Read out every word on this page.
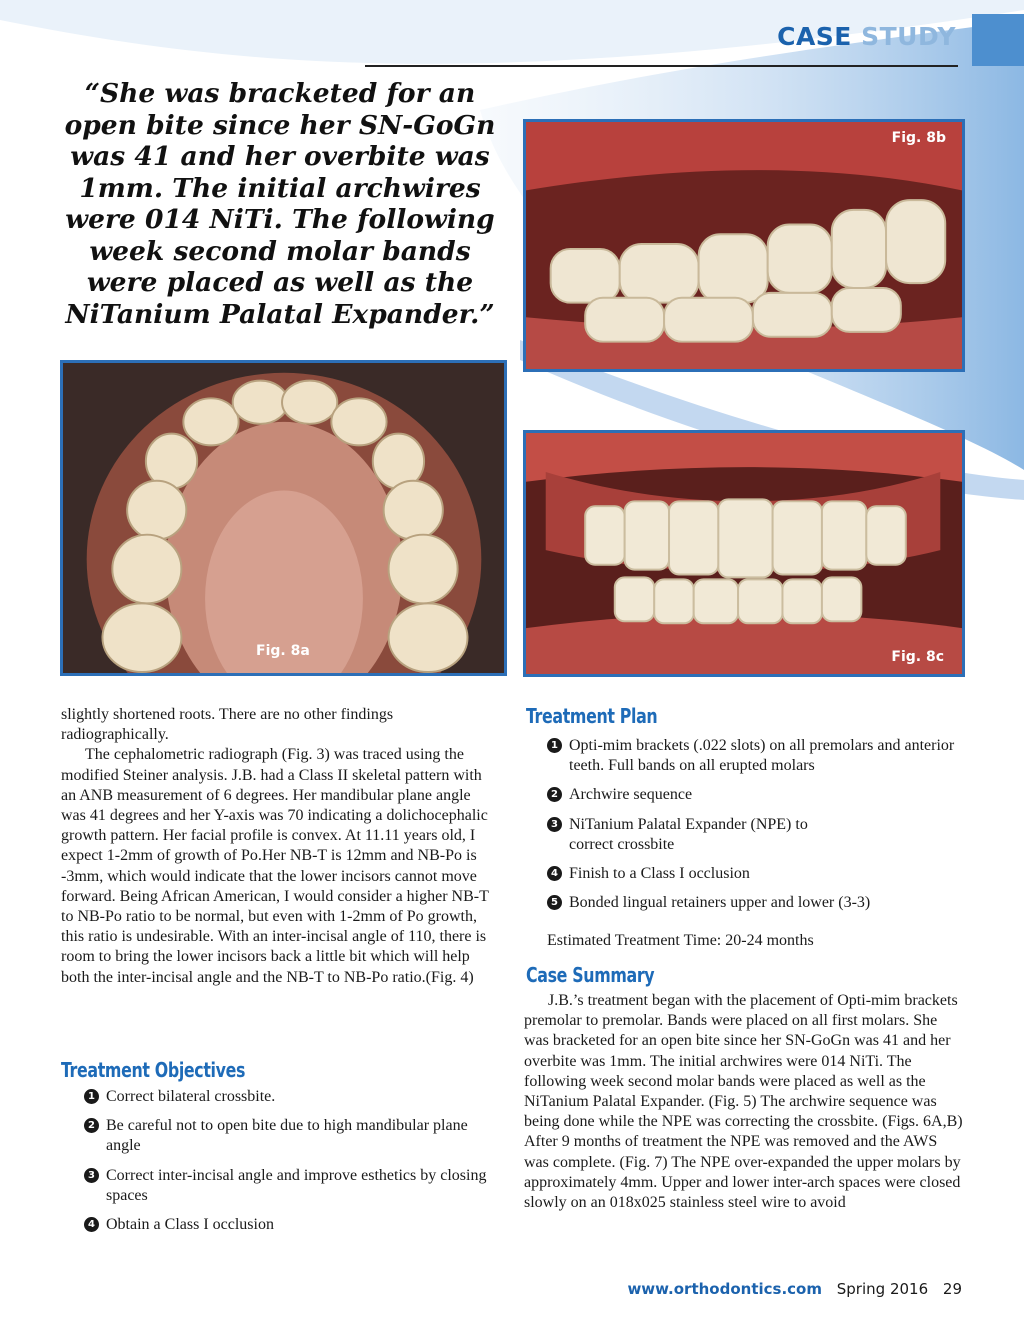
CASE STUDY
“She was bracketed for an open bite since her SN-GoGn was 41 and her overbite was 1mm. The initial archwires were 014 NiTi. The following week second molar bands were placed as well as the NiTanium Palatal Expander.”
Fig. 8b
Fig. 8a	Fig. 8c

slightly shortened roots. There are no other findings radiographically.

The cephalometric radiograph (Fig. 3) was traced using the modified Steiner analysis. J.B. had a Class II skeletal pattern with an ANB measurement of 6 degrees. Her mandibular plane angle was 41 degrees and her Y-axis was 70 indicating a dolichocephalic growth pattern. Her facial profile is convex. At 11.11 years old, I expect 1-2mm of growth of Po.Her NB-T is 12mm and NB-Po is -3mm, which would indicate that the lower incisors cannot move forward. Being African American, I would consider a higher NB-T to NB-Po ratio to be normal, but even with 1-2mm of Po growth, this ratio is undesirable. With an inter-incisal angle of 110, there is room to bring the lower incisors back a little bit which will help both the inter-incisal angle and the NB-T to NB-Po ratio.(Fig. 4)

Treatment Objectives
1 Correct bilateral crossbite.
2 Be careful not to open bite due to high mandibular plane angle
3 Correct inter-incisal angle and improve esthetics by closing spaces
4 Obtain a Class I occlusion
Treatment Plan
1 Opti-mim brackets (.022 slots) on all premolars and anterior teeth. Full bands on all erupted molars
2 Archwire sequence
3 NiTanium Palatal Expander (NPE) to correct crossbite
4 Finish to a Class I occlusion
5 Bonded lingual retainers upper and lower (3-3)
Estimated Treatment Time: 20-24 months
Case Summary
J.B.’s treatment began with the placement of Opti-mim brackets premolar to premolar. Bands were placed on all first molars. She was bracketed for an open bite since her SN-GoGn was 41 and her overbite was 1mm. The initial archwires were 014 NiTi. The following week second molar bands were placed as well as the NiTanium Palatal Expander. (Fig. 5) The archwire sequence was being done while the NPE was correcting the crossbite. (Figs. 6A,B) After 9 months of treatment the NPE was removed and the AWS was complete. (Fig. 7) The NPE over-expanded the upper molars by approximately 4mm. Upper and lower inter-arch spaces were closed slowly on an 018x025 stainless steel wire to avoid
www.orthodontics.com Spring 2016 29
